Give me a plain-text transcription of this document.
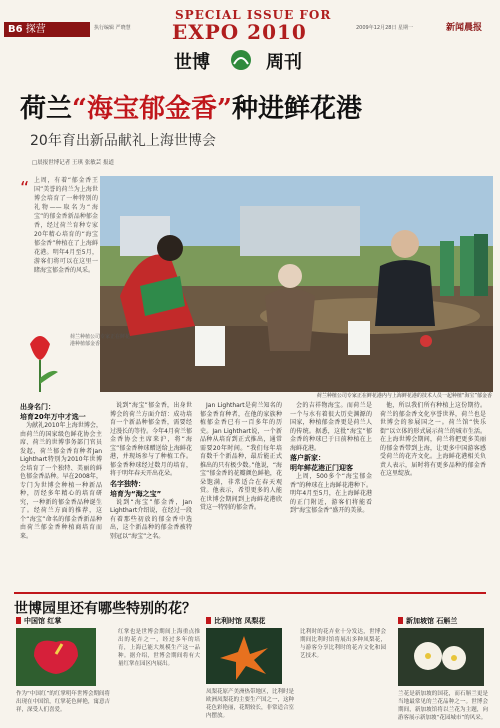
B6 探营	执行编辑 严晓慧
SPECIAL ISSUE FOR
EXPO 2010
世博	周刊
2009年12月28日 星期一	新闻晨报
荷兰“海宝郁金香”种进鲜花港
20年育出新品献礼上海世博会
□晨报世博记者 王琪 张敏芸 报道
“ 上周，有着“郁金香王国”美誉的荷兰为上海世博会培育了一种特别的礼物——取名为“海宝”的郁金香新品种郁金香，经过荷兰育种专家20年精心培育的“海宝郁金香”种植在了上海鲜花港。明年4月至5月，游客们将可以在这里一睹海宝郁金香的风采。

荷兰种植公司专家正在鲜花港内与上海鲜花港的技术人员一起种植“海宝”郁金香
荷兰种植公司专家正在鲜花港种植郁金香
出身名门：
培育20年万中才选一

为献礼2010年上海世博会，由荷兰的国家级色鲜花协会主席、荷兰的世博事务部门官员发起，荷兰郁金香育种者Jan Lighthart特别为2010年世博会培育了一个独特、美丽的鲜色郁金香品种。早在2008年，专门为世博会种植一种新品种，历经多年精心的培育研究，一种新的郁金香品种诞生了。经荷兰方面的推荐，这个“海宝”命名的郁金香新品种由荷兰郁金香种植商培育而来。

说到“海宝”郁金香，出身世博会的荷兰方面介绍：成功培育一个新品种郁金香，需要经过漫长的等待。今年4月荷兰郁金香协会主席来沪，将“海宝”郁金香种球赠送给上海鲜花港，并现场参与了种植工作。郁金香种球经过数月的培育，将于明年春天开出花朵。

名字独特：
培育为“海之宝”

说到“海宝”郁金香，Jan Lighthart介绍说，在经过一段有着那些初放的郁金香中选出，这个新品种的郁金香被特别冠以“海宝”之名。

Jan Lighthart是荷兰知名的郁金香育种者，在他的家族种植郁金香已有一百多年的历史。Jan Lighthart说，一个新品种从培育到正式推出，通常需要20年时间。“我们每年培育数千个新品种，最后能正式推出的只有极少数。”他说，“海宝”郁金香的花瓣颜色鲜艳，花朵饱满，非常适合在春天观赏。他表示，希望更多的人能在世博会期间到上海鲜花港欣赏这一特别的郁金香。

会的吉祥物海宝。而荷兰是一个与水有着很大历史渊源的国家，种植郁金香更是荷兰人的传统。据悉，这批“海宝”郁金香的种球已于日前种植在上海鲜花港。

落户新家：
明年鲜花港正门迎客

上周，500多个“海宝郁金香”的种球在上海鲜花港种下。明年4月至5月，在上海鲜花港的正门附近，游客们将能看到“海宝郁金香”盛开的美景。

他，所以我们所有种植上这份期待。荷兰的郁金香文化享誉世界，荷兰也是世博会的参展国之一。荷兰馆“快乐街”以立体的形式展示荷兰的城市生活。在上海世博会期间，荷兰将把更多美丽的郁金香带到上海，让更多中国游客感受荷兰的花卉文化。上海鲜花港相关负责人表示，届时将有更多品种的郁金香在这里绽放。

世博园里还有哪些特别的花？
中国馆 红掌
作为“中国红”的红掌明年世博会期间将出现在中国馆，红掌花色鲜艳，寓意吉祥，深受人们喜爱。
红掌也是世博会期间上海重点推出的花卉之一，经过多年的培育，上海已能大规模生产这一品种。据介绍，世博会期间将有大量红掌在园区内展出。
比利时馆 凤梨花
凤梨花原产美洲热带地区，比利时是欧洲凤梨花的主要生产国之一，这种花色彩艳丽，花期较长，非常适合室内摆放。
比利时的花卉业十分发达，世博会期间比利时馆将展出多种凤梨花，与游客分享比利时的花卉文化和园艺技术。
新加坡馆 石斛兰
兰花是新加坡的国花，而石斛兰更是当地最常见的兰花品种之一。世博会期间，新加坡馆将以兰花为主题，向游客展示新加坡“花园城市”的风采。
